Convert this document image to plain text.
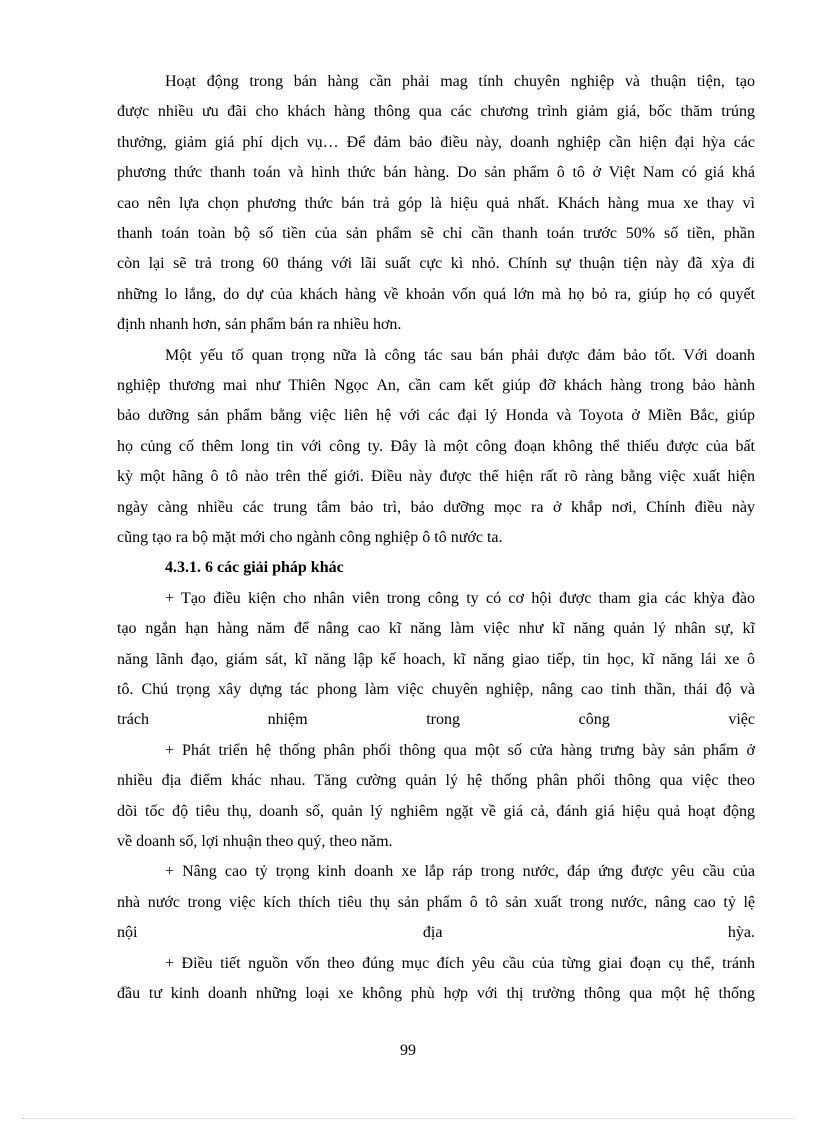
Hoạt động trong bán hàng cần phải mag tính chuyên nghiệp và thuận tiện, tạo
được nhiều ưu đãi cho khách hàng thông qua các chương trình giảm giá, bốc thăm trúng
thưởng, giảm giá phí dịch vụ… Để đảm bảo điều này, doanh nghiệp cần hiện đại hỳa các
phương thức thanh toán và hình thức bán hàng. Do sản phẩm ô tô ở Việt Nam có giá khá
cao nên lựa chọn phương thức bán trả góp là hiệu quả nhất. Khách hàng mua xe thay vì
thanh toán toàn bộ số tiền của sản phẩm sẽ chỉ cần thanh toán trước 50% số tiền, phần
còn lại sẽ trả trong 60 tháng với lãi suất cực kì nhỏ. Chính sự thuận tiện này đã xỳa đi
những lo lắng, do dự của khách hàng về khoản vốn quá lớn mà họ bỏ ra, giúp họ có quyết
định nhanh hơn, sản phẩm bán ra nhiều hơn.
Một yếu tố quan trọng nữa là công tác sau bán phải được đảm bảo tốt. Với doanh
nghiệp thương mai như Thiên Ngọc An, cần cam kết giúp đỡ khách hàng trong bảo hành
bảo dưỡng sản phẩm bằng việc liên hệ với các đại lý Honda và Toyota ở Miền Bắc, giúp
họ củng cố thêm long tin với công ty. Đây là một công đoạn không thể thiếu được của bất
kỳ một hãng ô tô nào trên thế giới. Điều này được thể hiện rất rõ ràng bằng việc xuất hiện
ngày càng nhiều các trung tâm bảo trì, bảo dưỡng mọc ra ở khắp nơi, Chính điều này
cũng tạo ra bộ mặt mới cho ngành công nghiệp ô tô nước ta.
4.3.1. 6 các giải pháp khác
+ Tạo điều kiện cho nhân viên trong công ty có cơ hội được tham gia các khỳa đào
tạo ngắn hạn hàng năm để nâng cao kĩ năng làm việc như kĩ năng quản lý nhân sự, kĩ
năng lãnh đạo, giám sát, kĩ năng lập kế hoach, kĩ năng giao tiếp, tin học, kĩ năng lái xe ô
tô. Chú trọng xây dựng tác phong làm việc chuyên nghiệp, nâng cao tinh thần, thái độ và
trách nhiệm trong công việc
+ Phát triển hệ thống phân phối thông qua một số cửa hàng trưng bày sản phẩm ở
nhiều địa điểm khác nhau. Tăng cường quản lý hệ thống phân phối thông qua việc theo
dõi tốc độ tiêu thụ, doanh số, quản lý nghiêm ngặt về giá cả, đánh giá hiệu quả hoạt động
về doanh số, lợi nhuận theo quý, theo năm.
+ Nâng cao tỷ trọng kinh doanh xe lắp ráp trong nước, đáp ứng được yêu cầu của
nhà nước trong việc kích thích tiêu thụ sản phẩm ô tô sản xuất trong nước, nâng cao tỷ lệ
nội địa hỳa.
+ Điều tiết nguồn vốn theo đúng mục đích yêu cầu của từng giai đoạn cụ thể, tránh
đầu tư kinh doanh những loại xe không phù hợp với thị trường thông qua một hệ thống
99
